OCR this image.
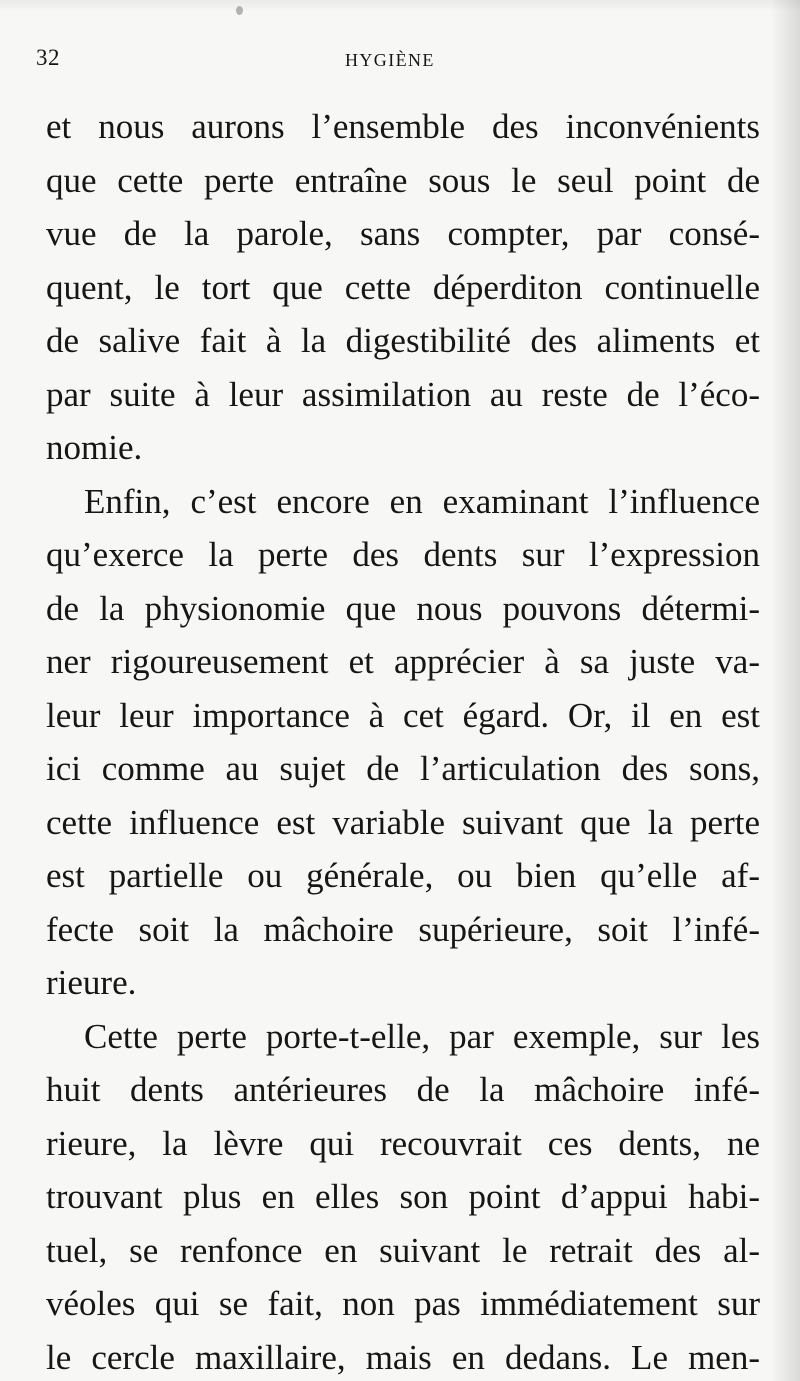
32	HYGIÈNE
et nous aurons l’ensemble des inconvénients
que cette perte entraîne sous le seul point de
vue de la parole, sans compter, par consé-
quent, le tort que cette déperditon continuelle
de salive fait à la digestibilité des aliments et
par suite à leur assimilation au reste de l’éco-
nomie.
Enfin, c’est encore en examinant l’influence
qu’exerce la perte des dents sur l’expression
de la physionomie que nous pouvons détermi-
ner rigoureusement et apprécier à sa juste va-
leur leur importance à cet égard. Or, il en est
ici comme au sujet de l’articulation des sons,
cette influence est variable suivant que la perte
est partielle ou générale, ou bien qu’elle af-
fecte soit la mâchoire supérieure, soit l’infé-
rieure.
Cette perte porte-t-elle, par exemple, sur les
huit dents antérieures de la mâchoire infé-
rieure, la lèvre qui recouvrait ces dents, ne
trouvant plus en elles son point d’appui habi-
tuel, se renfonce en suivant le retrait des al-
véoles qui se fait, non pas immédiatement sur
le cercle maxillaire, mais en dedans. Le men-
